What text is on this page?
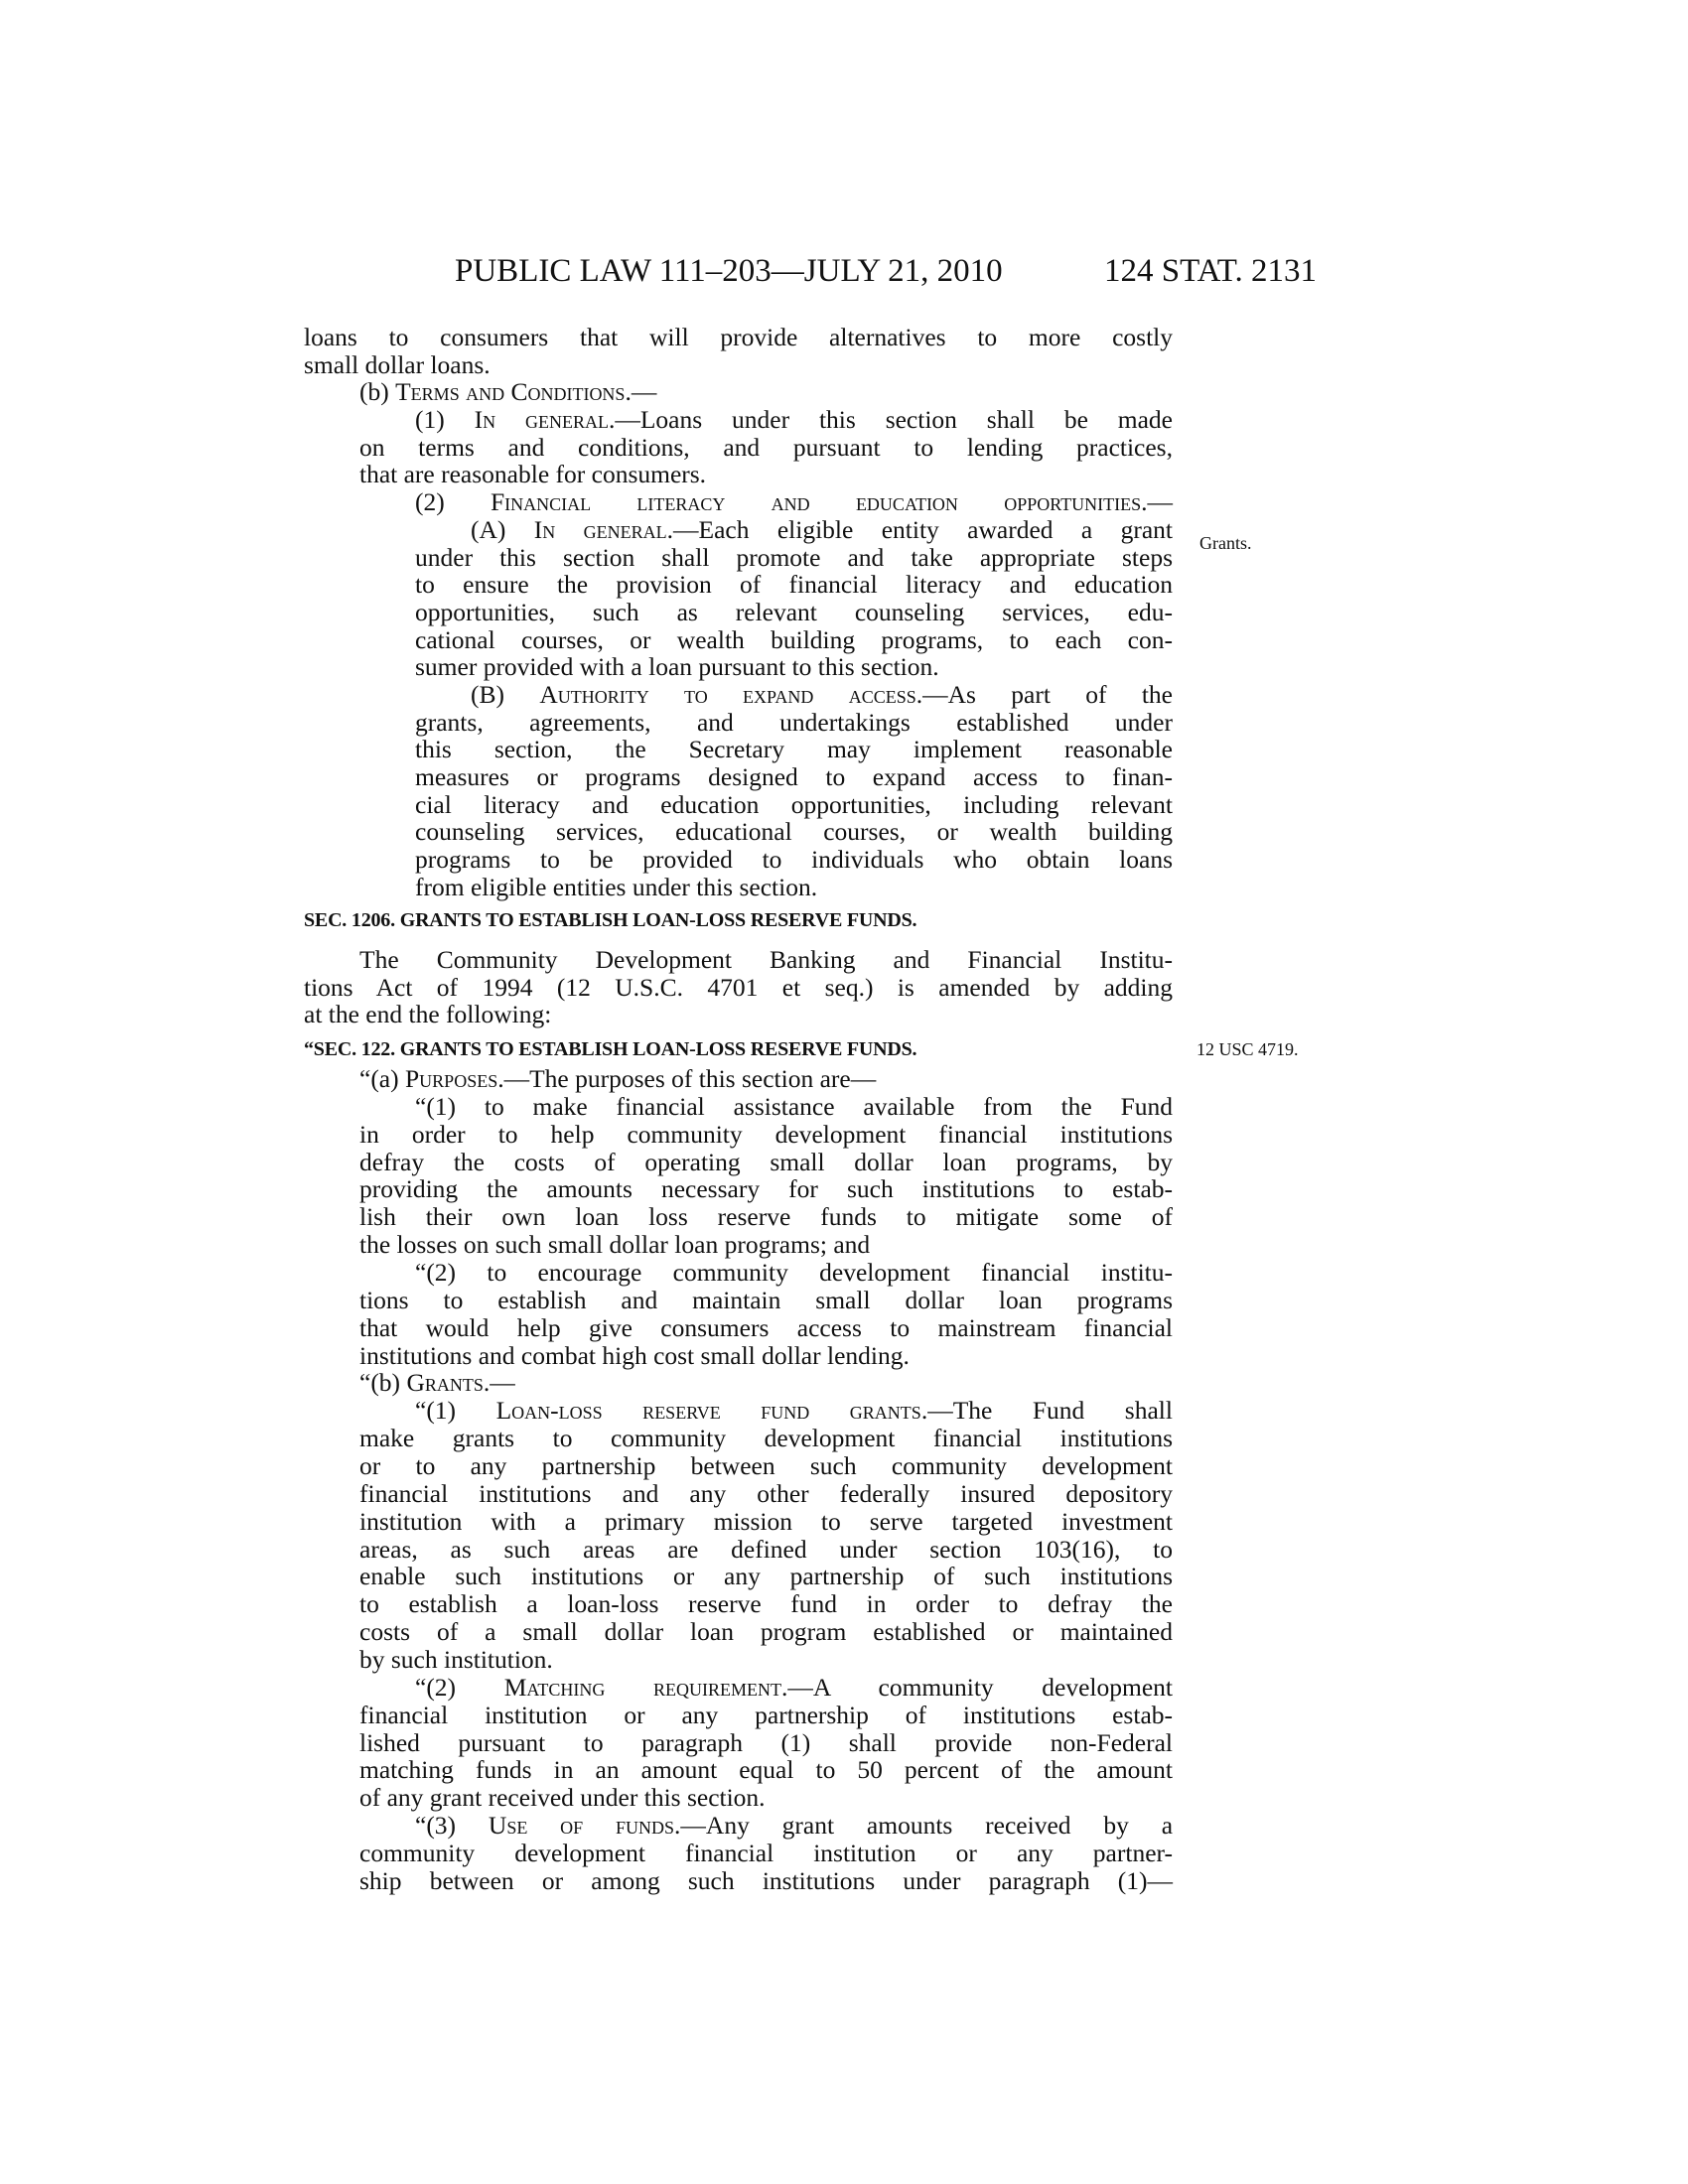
PUBLIC LAW 111–203—JULY 21, 2010	124 STAT. 2131
loans to consumers that will provide alternatives to more costly
small dollar loans.
(b) Terms and Conditions.—
(1) In general.—Loans under this section shall be made
on terms and conditions, and pursuant to lending practices,
that are reasonable for consumers.
(2) Financial literacy and education opportunities.—
(A) In general.—Each eligible entity awarded a grant
under this section shall promote and take appropriate steps
to ensure the provision of financial literacy and education
opportunities, such as relevant counseling services, edu-
cational courses, or wealth building programs, to each con-
sumer provided with a loan pursuant to this section.
(B) Authority to expand access.—As part of the
grants, agreements, and undertakings established under
this section, the Secretary may implement reasonable
measures or programs designed to expand access to finan-
cial literacy and education opportunities, including relevant
counseling services, educational courses, or wealth building
programs to be provided to individuals who obtain loans
from eligible entities under this section.
Grants.
SEC. 1206. GRANTS TO ESTABLISH LOAN-LOSS RESERVE FUNDS.
The Community Development Banking and Financial Institu-
tions Act of 1994 (12 U.S.C. 4701 et seq.) is amended by adding
at the end the following:
“SEC. 122. GRANTS TO ESTABLISH LOAN-LOSS RESERVE FUNDS.	12 USC 4719.
“(a) Purposes.—The purposes of this section are—
“(1) to make financial assistance available from the Fund
in order to help community development financial institutions
defray the costs of operating small dollar loan programs, by
providing the amounts necessary for such institutions to estab-
lish their own loan loss reserve funds to mitigate some of
the losses on such small dollar loan programs; and
“(2) to encourage community development financial institu-
tions to establish and maintain small dollar loan programs
that would help give consumers access to mainstream financial
institutions and combat high cost small dollar lending.
“(b) Grants.—
“(1) Loan-loss reserve fund grants.—The Fund shall
make grants to community development financial institutions
or to any partnership between such community development
financial institutions and any other federally insured depository
institution with a primary mission to serve targeted investment
areas, as such areas are defined under section 103(16), to
enable such institutions or any partnership of such institutions
to establish a loan-loss reserve fund in order to defray the
costs of a small dollar loan program established or maintained
by such institution.
“(2) Matching requirement.—A community development
financial institution or any partnership of institutions estab-
lished pursuant to paragraph (1) shall provide non-Federal
matching funds in an amount equal to 50 percent of the amount
of any grant received under this section.
“(3) Use of funds.—Any grant amounts received by a
community development financial institution or any partner-
ship between or among such institutions under paragraph (1)—
